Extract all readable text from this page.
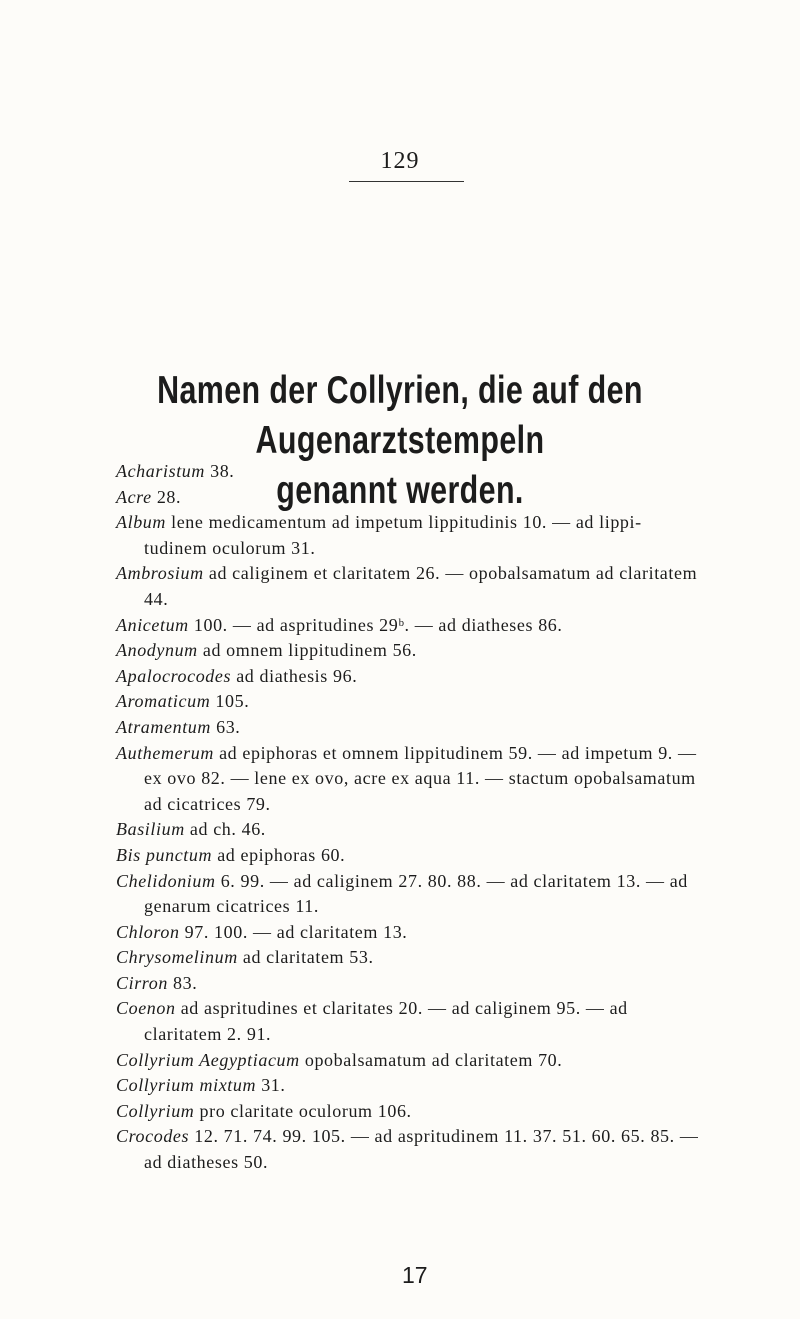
129
Namen der Collyrien, die auf den Augenarztstempeln
genannt werden.

Acharistum 38.

Acre 28.

Album lene medicamentum ad impetum lippitudinis 10. — ad lippi- tudinem oculorum 31.

Ambrosium ad caliginem et claritatem 26. — opobalsamatum ad claritatem 44.

Anicetum 100. — ad aspritudines 29ᵇ. — ad diatheses 86.

Anodynum ad omnem lippitudinem 56.

Apalocrocodes ad diathesis 96.

Aromaticum 105.

Atramentum 63.

Authemerum ad epiphoras et omnem lippitudinem 59. — ad impetum 9. — ex ovo 82. — lene ex ovo, acre ex aqua 11. — stactum opobalsamatum ad cicatrices 79.

Basilium ad ch. 46.

Bis punctum ad epiphoras 60.

Chelidonium 6. 99. — ad caliginem 27. 80. 88. — ad claritatem 13. — ad genarum cicatrices 11.

Chloron 97. 100. — ad claritatem 13.

Chrysomelinum ad claritatem 53.

Cirron 83.

Coenon ad aspritudines et claritates 20. — ad caliginem 95. — ad claritatem 2. 91.

Collyrium Aegyptiacum opobalsamatum ad claritatem 70.

Collyrium mixtum 31.

Collyrium pro claritate oculorum 106.

Crocodes 12. 71. 74. 99. 105. — ad aspritudinem 11. 37. 51. 60. 65. 85. — ad diatheses 50.

17
